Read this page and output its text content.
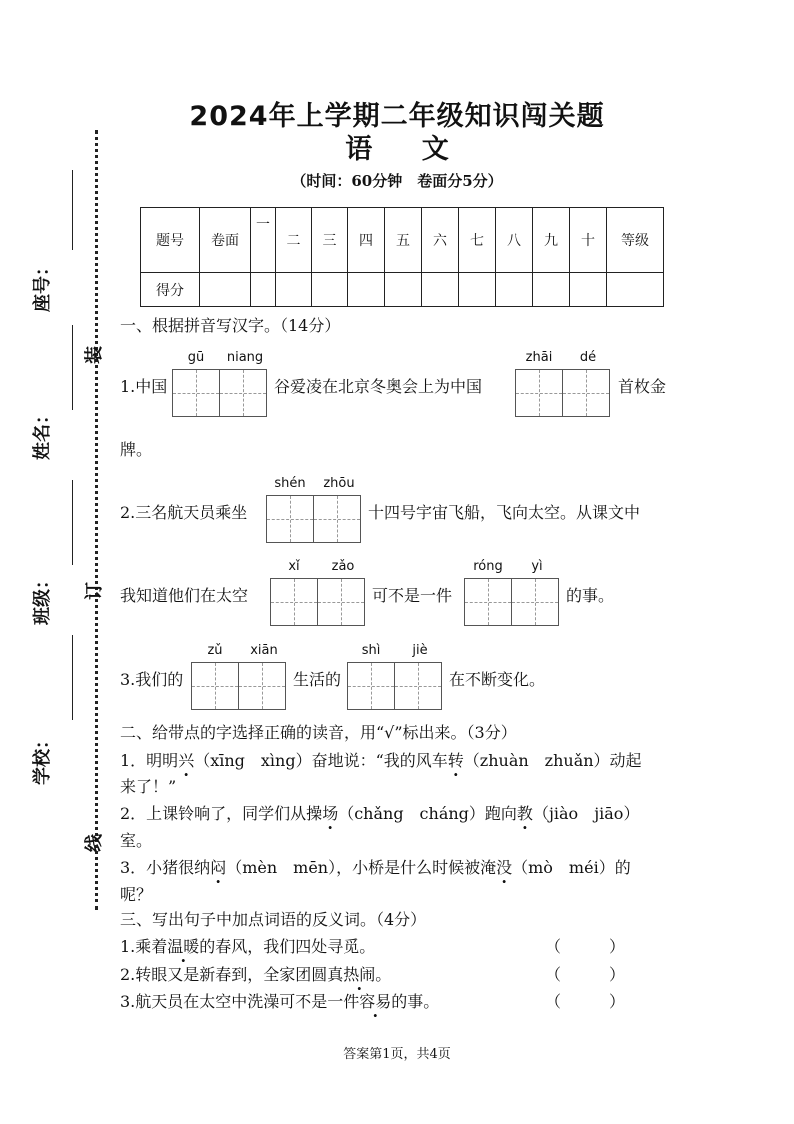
装
订
线
座号：
姓名：
班级：
学校：
2024年上学期二年级知识闯关题
语 文
（时间：60分钟　卷面分5分）
题号	卷面	一	二	三	四	五	六	七	八	九	十	等级
得分												
一、根据拼音写汉字。（14分）
1.中国
gū	niang
谷爱凌在北京冬奥会上为中国
zhāi	dé
首枚金
牌。
2.三名航天员乘坐
shén	zhōu
十四号宇宙飞船，飞向太空。从课文中
我知道他们在太空
xǐ	zǎo
可不是一件
róng	yì
的事。
3.我们的
zǔ	xiān
生活的
shì	jiè
在不断变化。
二、给带点的字选择正确的读音，用“√”标出来。（3分）
1．明明兴（xīng　xìng）奋地说：“我的风车转（zhuàn　zhuǎn）动起
来了！”
2．上课铃响了，同学们从操场（chǎng　cháng）跑向教（jiào　jiāo）
室。
3．小猪很纳闷（mèn　mēn），小桥是什么时候被淹没（mò　méi）的
呢？
三、写出句子中加点词语的反义词。（4分）
1.乘着温暖的春风，我们四处寻觅。	（　　　）
2.转眼又是新春到，全家团圆真热闹。	（　　　）
3.航天员在太空中洗澡可不是一件容易的事。	（　　　）
答案第1页，共4页
